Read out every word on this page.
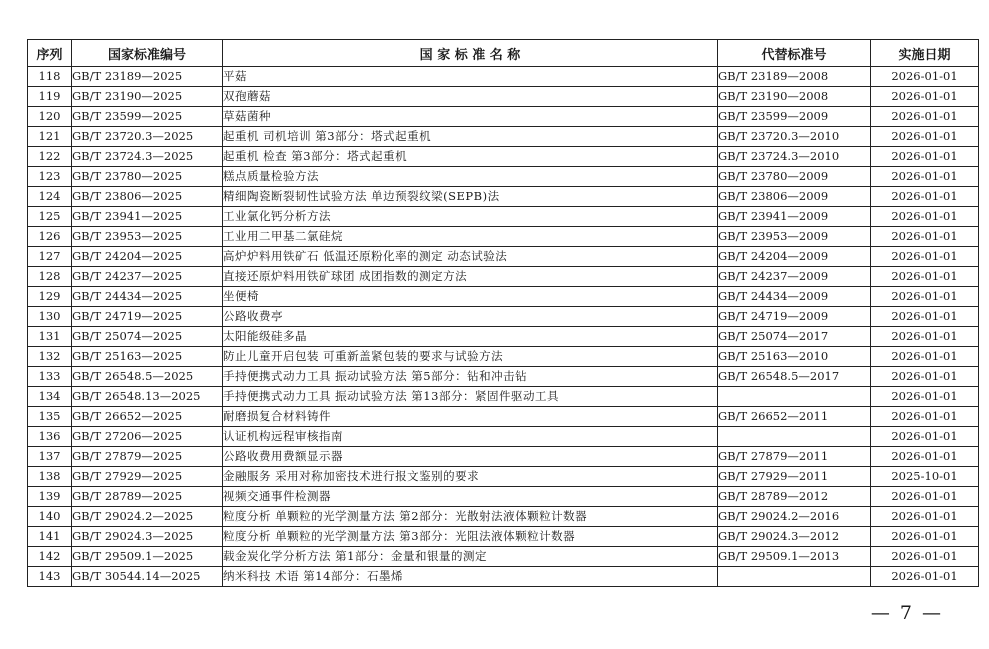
序列	国家标准编号	国 家 标 准 名 称	代替标准号	实施日期
118	GB/T 23189—2025	平菇	GB/T 23189—2008	2026-01-01
119	GB/T 23190—2025	双孢蘑菇	GB/T 23190—2008	2026-01-01
120	GB/T 23599—2025	草菇菌种	GB/T 23599—2009	2026-01-01
121	GB/T 23720.3—2025	起重机 司机培训 第3部分：塔式起重机	GB/T 23720.3—2010	2026-01-01
122	GB/T 23724.3—2025	起重机 检查 第3部分：塔式起重机	GB/T 23724.3—2010	2026-01-01
123	GB/T 23780—2025	糕点质量检验方法	GB/T 23780—2009	2026-01-01
124	GB/T 23806—2025	精细陶瓷断裂韧性试验方法 单边预裂纹梁(SEPB)法	GB/T 23806—2009	2026-01-01
125	GB/T 23941—2025	工业氯化钙分析方法	GB/T 23941—2009	2026-01-01
126	GB/T 23953—2025	工业用二甲基二氯硅烷	GB/T 23953—2009	2026-01-01
127	GB/T 24204—2025	高炉炉料用铁矿石 低温还原粉化率的测定 动态试验法	GB/T 24204—2009	2026-01-01
128	GB/T 24237—2025	直接还原炉料用铁矿球团 成团指数的测定方法	GB/T 24237—2009	2026-01-01
129	GB/T 24434—2025	坐便椅	GB/T 24434—2009	2026-01-01
130	GB/T 24719—2025	公路收费亭	GB/T 24719—2009	2026-01-01
131	GB/T 25074—2025	太阳能级硅多晶	GB/T 25074—2017	2026-01-01
132	GB/T 25163—2025	防止儿童开启包装 可重新盖紧包装的要求与试验方法	GB/T 25163—2010	2026-01-01
133	GB/T 26548.5—2025	手持便携式动力工具 振动试验方法 第5部分：钻和冲击钻	GB/T 26548.5—2017	2026-01-01
134	GB/T 26548.13—2025	手持便携式动力工具 振动试验方法 第13部分：紧固件驱动工具		2026-01-01
135	GB/T 26652—2025	耐磨损复合材料铸件	GB/T 26652—2011	2026-01-01
136	GB/T 27206—2025	认证机构远程审核指南		2026-01-01
137	GB/T 27879—2025	公路收费用费额显示器	GB/T 27879—2011	2026-01-01
138	GB/T 27929—2025	金融服务 采用对称加密技术进行报文鉴别的要求	GB/T 27929—2011	2025-10-01
139	GB/T 28789—2025	视频交通事件检测器	GB/T 28789—2012	2026-01-01
140	GB/T 29024.2—2025	粒度分析 单颗粒的光学测量方法 第2部分：光散射法液体颗粒计数器	GB/T 29024.2—2016	2026-01-01
141	GB/T 29024.3—2025	粒度分析 单颗粒的光学测量方法 第3部分：光阻法液体颗粒计数器	GB/T 29024.3—2012	2026-01-01
142	GB/T 29509.1—2025	载金炭化学分析方法 第1部分：金量和银量的测定	GB/T 29509.1—2013	2026-01-01
143	GB/T 30544.14—2025	纳米科技 术语 第14部分：石墨烯		2026-01-01
— 7 —
